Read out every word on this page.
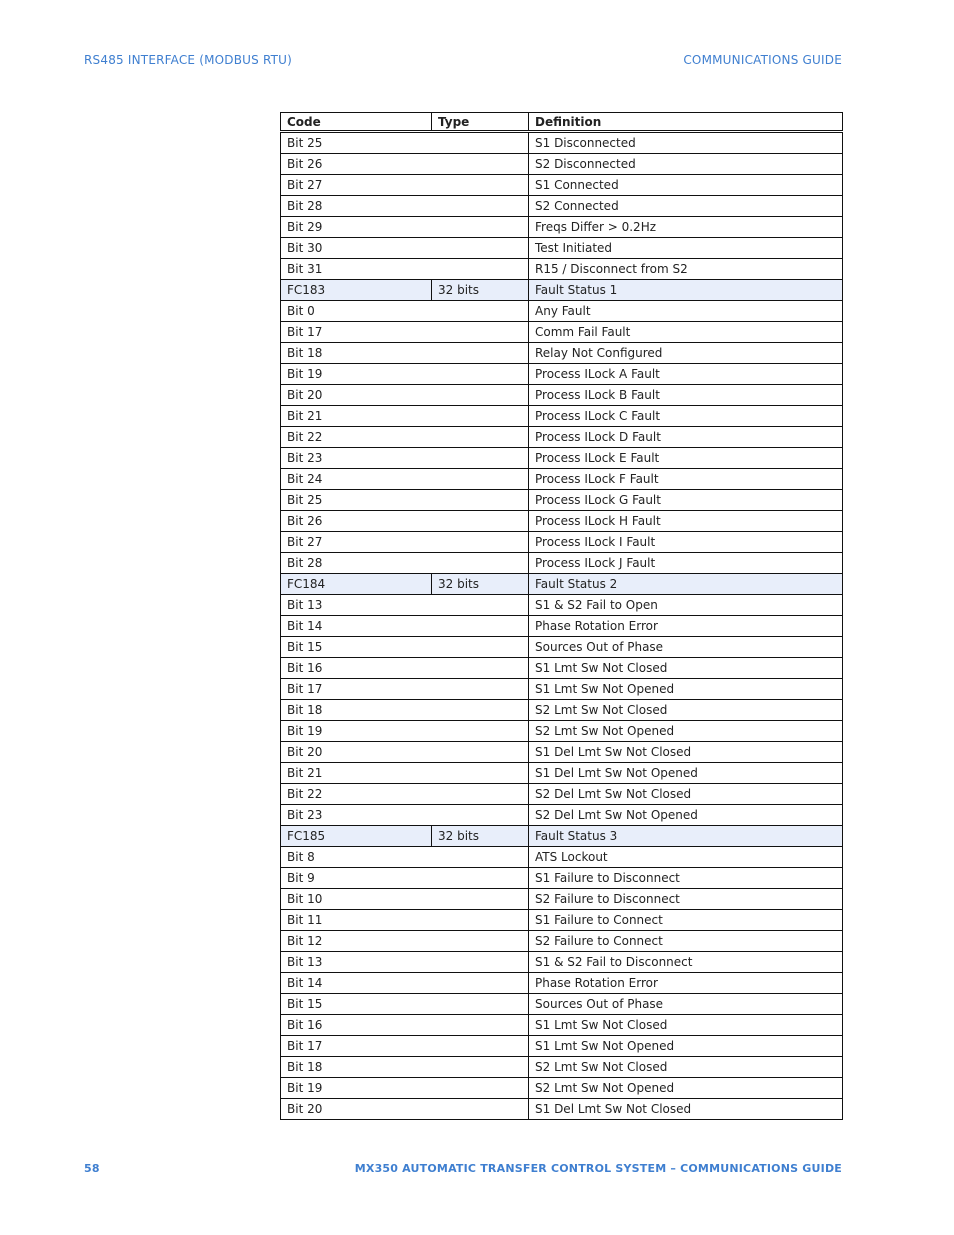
RS485 INTERFACE (MODBUS RTU)	COMMUNICATIONS GUIDE
Code	Type	Definition
Bit 25		S1 Disconnected
Bit 26		S2 Disconnected
Bit 27		S1 Connected
Bit 28		S2 Connected
Bit 29		Freqs Differ > 0.2Hz
Bit 30		Test Initiated
Bit 31		R15 / Disconnect from S2
FC183	32 bits	Fault Status 1
Bit 0		Any Fault
Bit 17		Comm Fail Fault
Bit 18		Relay Not Configured
Bit 19		Process ILock A Fault
Bit 20		Process ILock B Fault
Bit 21		Process ILock C Fault
Bit 22		Process ILock D Fault
Bit 23		Process ILock E Fault
Bit 24		Process ILock F Fault
Bit 25		Process ILock G Fault
Bit 26		Process ILock H Fault
Bit 27		Process ILock I Fault
Bit 28		Process ILock J Fault
FC184	32 bits	Fault Status 2
Bit 13		S1 & S2 Fail to Open
Bit 14		Phase Rotation Error
Bit 15		Sources Out of Phase
Bit 16		S1 Lmt Sw Not Closed
Bit 17		S1 Lmt Sw Not Opened
Bit 18		S2 Lmt Sw Not Closed
Bit 19		S2 Lmt Sw Not Opened
Bit 20		S1 Del Lmt Sw Not Closed
Bit 21		S1 Del Lmt Sw Not Opened
Bit 22		S2 Del Lmt Sw Not Closed
Bit 23		S2 Del Lmt Sw Not Opened
FC185	32 bits	Fault Status 3
Bit 8		ATS Lockout
Bit 9		S1 Failure to Disconnect
Bit 10		S2 Failure to Disconnect
Bit 11		S1 Failure to Connect
Bit 12		S2 Failure to Connect
Bit 13		S1 & S2 Fail to Disconnect
Bit 14		Phase Rotation Error
Bit 15		Sources Out of Phase
Bit 16		S1 Lmt Sw Not Closed
Bit 17		S1 Lmt Sw Not Opened
Bit 18		S2 Lmt Sw Not Closed
Bit 19		S2 Lmt Sw Not Opened
Bit 20		S1 Del Lmt Sw Not Closed
58	MX350 AUTOMATIC TRANSFER CONTROL SYSTEM – COMMUNICATIONS GUIDE
